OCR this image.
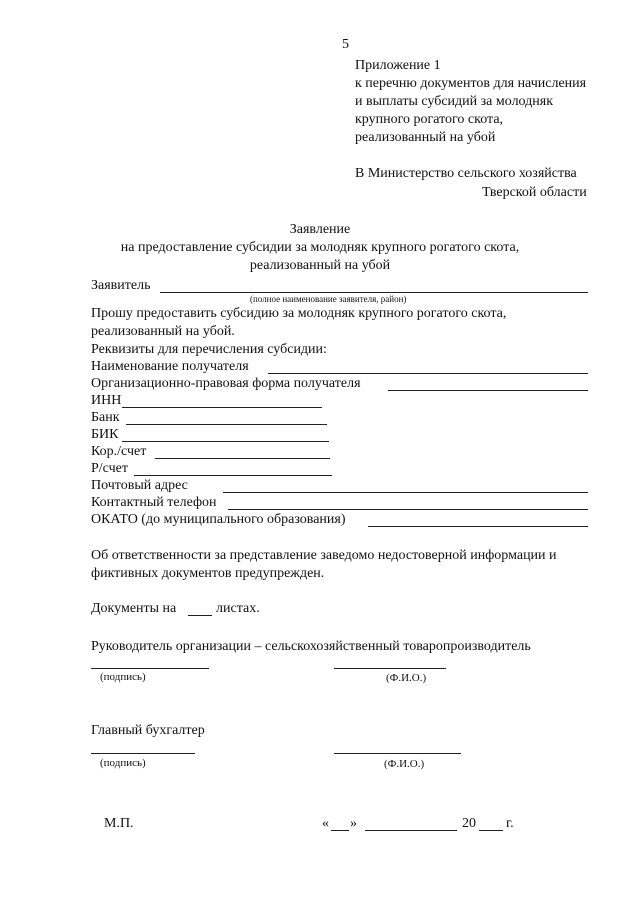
5
Приложение 1
к перечню документов для начисления
и выплаты субсидий за молодняк
крупного рогатого скота,
реализованный на убой
В Министерство сельского хозяйства
Тверской области
Заявление
на предоставление субсидии за молодняк крупного рогатого скота,
реализованный на убой
Заявитель
(полное наименование заявителя, район)
Прошу предоставить субсидию за молодняк крупного рогатого скота,
реализованный на убой.
Реквизиты для перечисления субсидии:
Наименование получателя
Организационно-правовая форма получателя
ИНН
Банк
БИК
Кор./счет
Р/счет
Почтовый адрес
Контактный телефон
ОКАТО (до муниципального образования)
Об ответственности за представление заведомо недостоверной информации и
фиктивных документов предупрежден.
Документы на	листах.
Руководитель организации – сельскохозяйственный товаропроизводитель
(подпись)	(Ф.И.О.)
Главный бухгалтер
(подпись)	(Ф.И.О.)
М.П.	« »	20 г.
